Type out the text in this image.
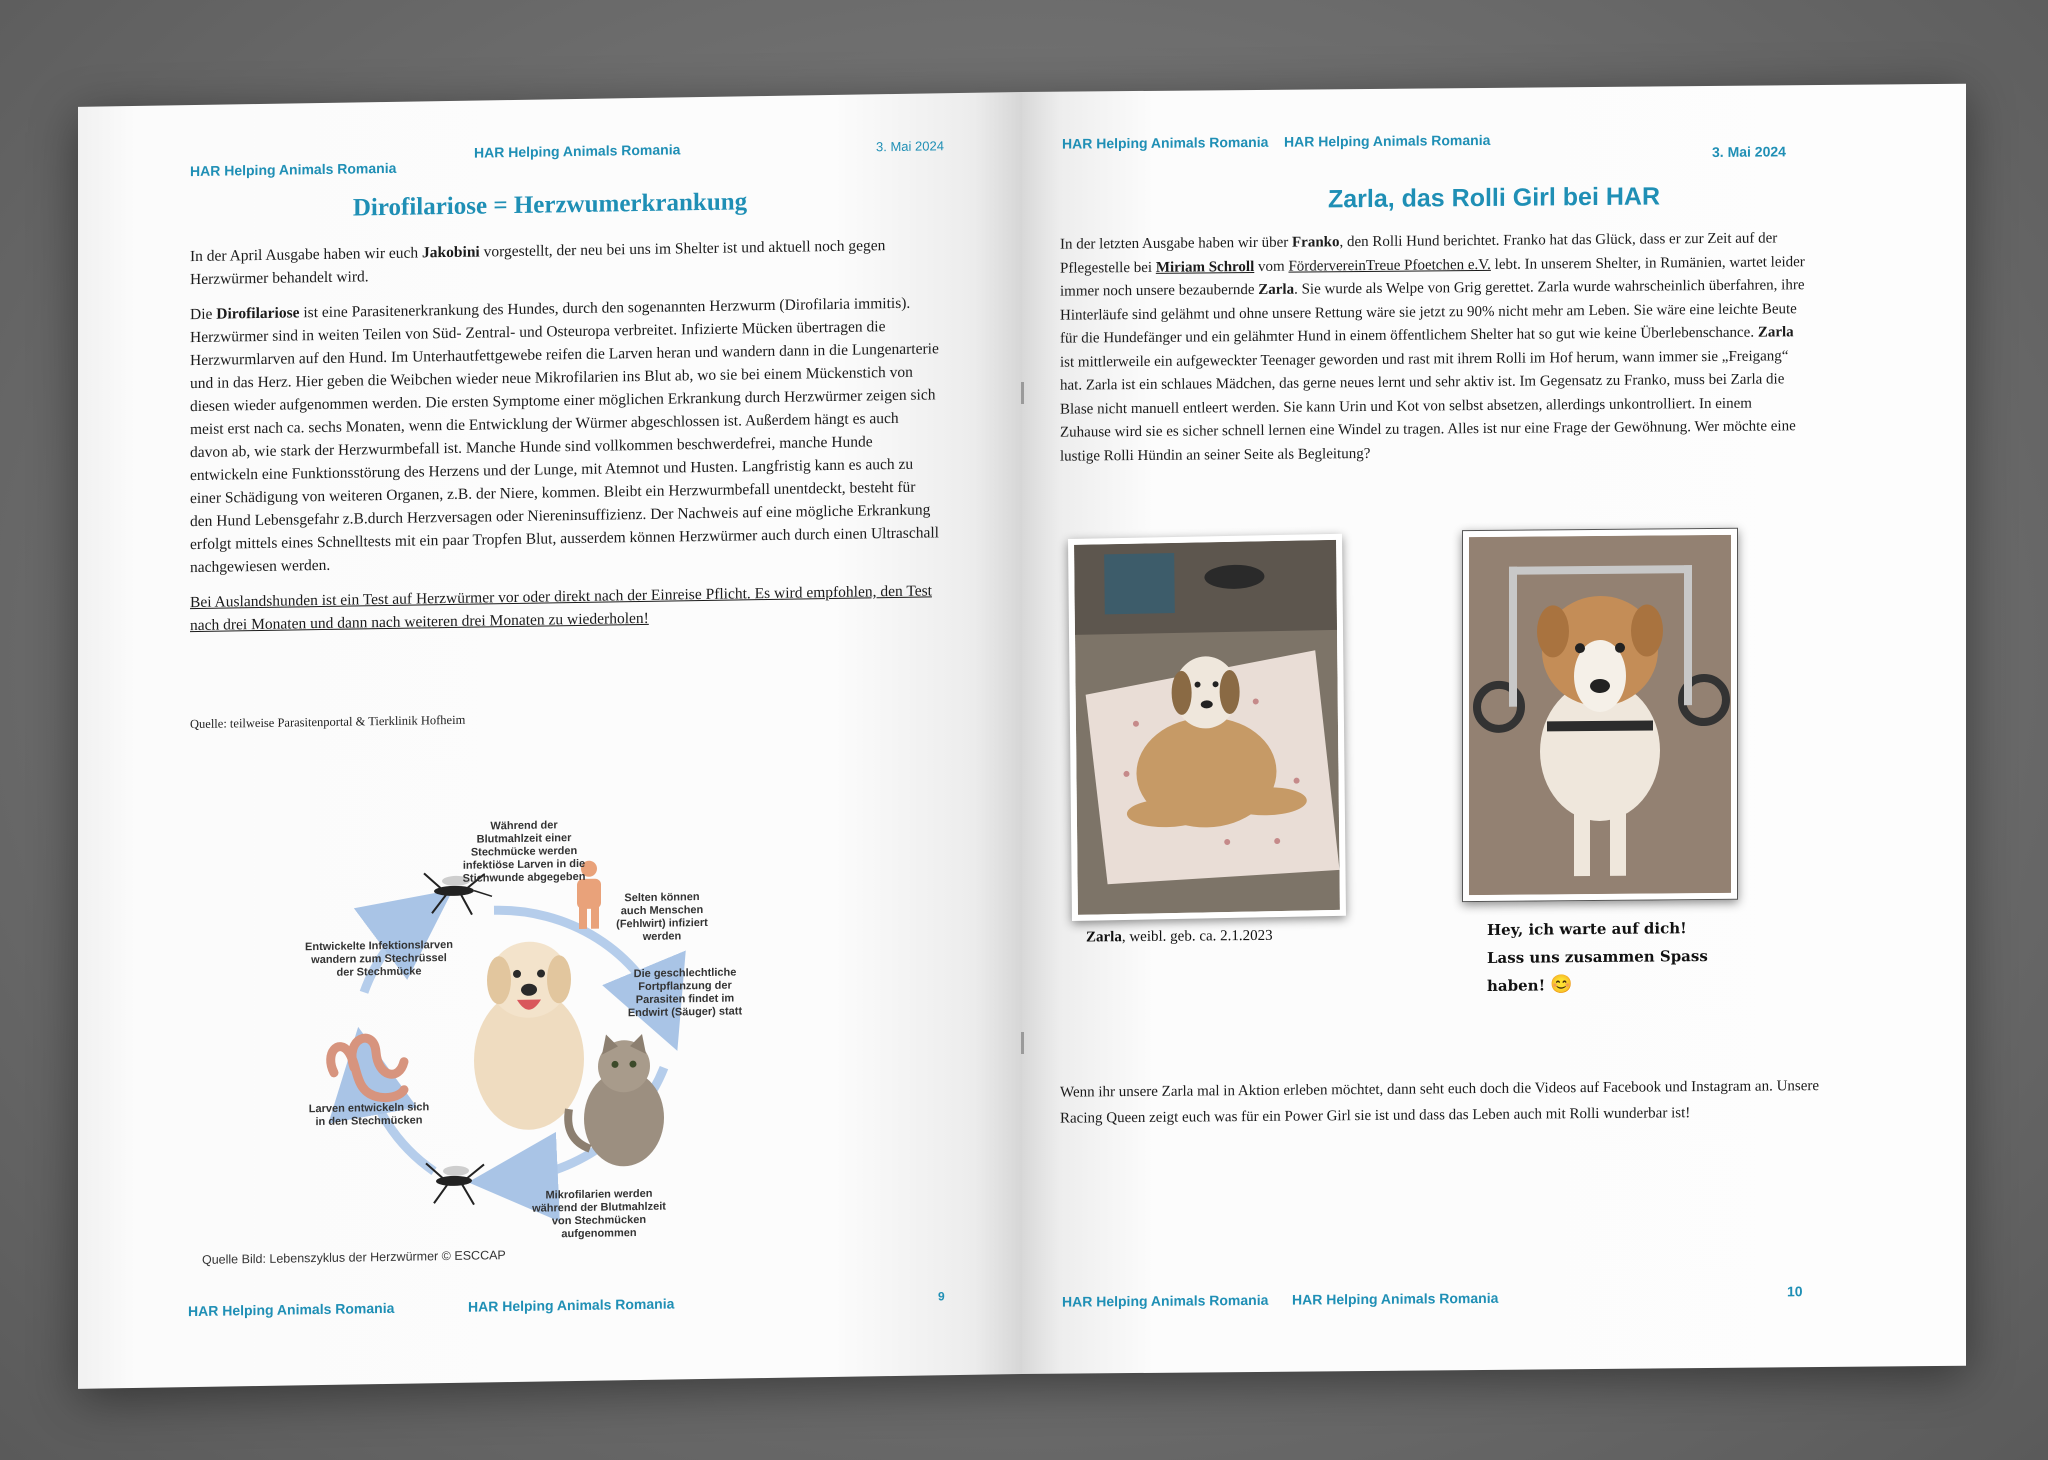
HAR Helping Animals Romania
HAR Helping Animals Romania	3. Mai 2024
Dirofilariose = Herzwumerkrankung

In der April Ausgabe haben wir euch Jakobini vorgestellt, der neu bei uns im Shelter ist und aktuell noch gegen Herzwürmer behandelt wird.

Die Dirofilariose ist eine Parasitenerkrankung des Hundes, durch den sogenannten Herzwurm (Dirofilaria immitis). Herzwürmer sind in weiten Teilen von Süd- Zentral- und Osteuropa verbreitet. Infizierte Mücken übertragen die Herzwurmlarven auf den Hund. Im Unterhautfettgewebe reifen die Larven heran und wandern dann in die Lungenarterie und in das Herz. Hier geben die Weibchen wieder neue Mikrofilarien ins Blut ab, wo sie bei einem Mückenstich von diesen wieder aufgenommen werden. Die ersten Symptome einer möglichen Erkrankung durch Herzwürmer zeigen sich meist erst nach ca. sechs Monaten, wenn die Entwicklung der Würmer abgeschlossen ist. Außerdem hängt es auch davon ab, wie stark der Herzwurmbefall ist. Manche Hunde sind vollkommen beschwerdefrei, manche Hunde entwickeln eine Funktionsstörung des Herzens und der Lunge, mit Atemnot und Husten. Langfristig kann es auch zu einer Schädigung von weiteren Organen, z.B. der Niere, kommen. Bleibt ein Herzwurmbefall unentdeckt, besteht für den Hund Lebensgefahr z.B.durch Herzversagen oder Niereninsuffizienz. Der Nachweis auf eine mögliche Erkrankung erfolgt mittels eines Schnelltests mit ein paar Tropfen Blut, ausserdem können Herzwürmer auch durch einen Ultraschall nachgewiesen werden.

Bei Auslandshunden ist ein Test auf Herzwürmer vor oder direkt nach der Einreise Pflicht. Es wird empfohlen, den Test nach drei Monaten und dann nach weiteren drei Monaten zu wiederholen!

Quelle: teilweise Parasitenportal & Tierklinik Hofheim
Während der Blutmahlzeit einer Stechmücke werden infektiöse Larven in die Stichwunde abgegeben
Selten können auch Menschen (Fehlwirt) infiziert werden
Die geschlechtliche Fortpflanzung der Parasiten findet im Endwirt (Säuger) statt
Mikrofilarien werden während der Blutmahlzeit von Stechmücken aufgenommen
Larven entwickeln sich in den Stechmücken
Entwickelte Infektionslarven wandern zum Stechrüssel der Stechmücke
Quelle Bild: Lebenszyklus der Herzwürmer © ESCCAP
HAR Helping Animals Romania	HAR Helping Animals Romania	9
HAR Helping Animals Romania HAR Helping Animals Romania
3. Mai 2024
Zarla, das Rolli Girl bei HAR

In der letzten Ausgabe haben wir über Franko, den Rolli Hund berichtet. Franko hat das Glück, dass er zur Zeit auf der Pflegestelle bei Miriam Schroll vom FördervereinTreue Pfoetchen e.V. lebt. In unserem Shelter, in Rumänien, wartet leider immer noch unsere bezaubernde Zarla. Sie wurde als Welpe von Grig gerettet. Zarla wurde wahrscheinlich überfahren, ihre Hinterläufe sind gelähmt und ohne unsere Rettung wäre sie jetzt zu 90% nicht mehr am Leben. Sie wäre eine leichte Beute für die Hundefänger und ein gelähmter Hund in einem öffentlichem Shelter hat so gut wie keine Überlebenschance. Zarla ist mittlerweile ein aufgeweckter Teenager geworden und rast mit ihrem Rolli im Hof herum, wann immer sie „Freigang“ hat. Zarla ist ein schlaues Mädchen, das gerne neues lernt und sehr aktiv ist. Im Gegensatz zu Franko, muss bei Zarla die Blase nicht manuell entleert werden. Sie kann Urin und Kot von selbst absetzen, allerdings unkontrolliert. In einem Zuhause wird sie es sicher schnell lernen eine Windel zu tragen. Alles ist nur eine Frage der Gewöhnung. Wer möchte eine lustige Rolli Hündin an seiner Seite als Begleitung?

Zarla, weibl. geb. ca. 2.1.2023	Hey, ich warte auf dich!
Lass uns zusammen Spass
haben! 😊
Wenn ihr unsere Zarla mal in Aktion erleben möchtet, dann seht euch doch die Videos auf Facebook und Instagram an. Unsere Racing Queen zeigt euch was für ein Power Girl sie ist und dass das Leben auch mit Rolli wunderbar ist!
HAR Helping Animals Romania HAR Helping Animals Romania	10
